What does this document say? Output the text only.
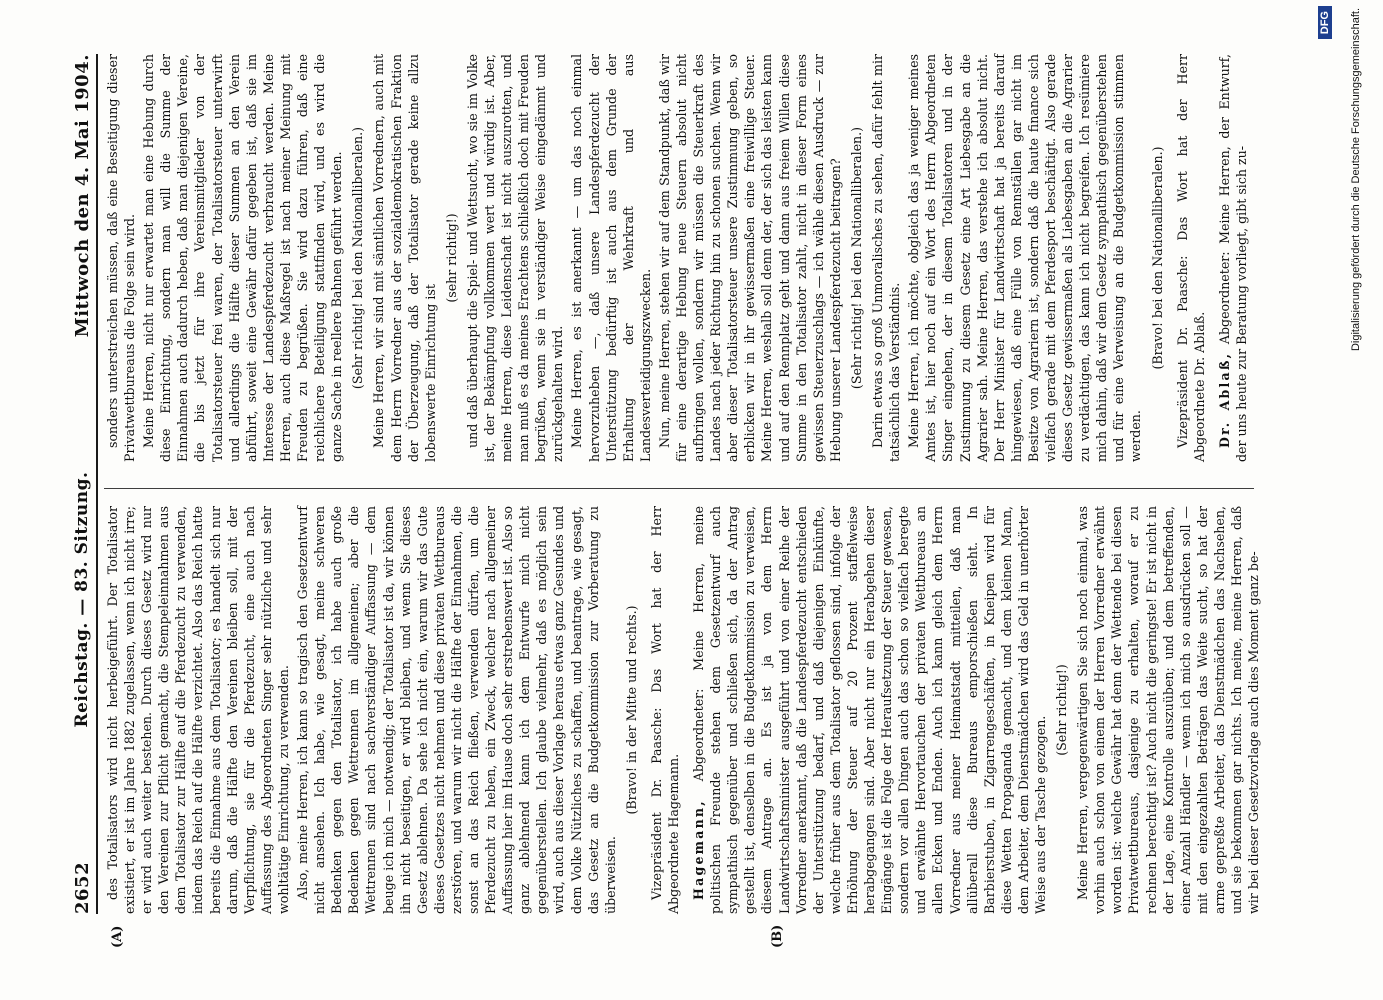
2652
Reichstag. — 83. Sitzung.
Mittwoch den 4. Mai 1904.

des Totalisators wird nicht herbeigeführt. Der Totalisator existiert, er ist im Jahre 1882 zugelassen, wenn ich nicht irre; er wird auch weiter bestehen. Durch dieses Gesetz wird nur den Vereinen zur Pflicht gemacht, die Stempeleinnahmen aus dem Totalisator zur Hälfte auf die Pferdezucht zu verwenden, indem das Reich auf die Hälfte verzichtet. Also das Reich hatte bereits die Einnahme aus dem Totalisator; es handelt sich nur darum, daß die Hälfte den Vereinen bleiben soll, mit der Verpflichtung, sie für die Pferdezucht, eine auch nach Auffassung des Abgeordneten Singer sehr nützliche und sehr wohltätige Einrichtung, zu verwenden. Also, meine Herren, ich kann so tragisch den Gesetzentwurf nicht ansehen. Ich habe, wie gesagt, meine schweren Bedenken gegen den Totalisator, ich habe auch große Bedenken gegen Wettrennen im allgemeinen; aber die Wettrennen sind nach sachverständiger Auffassung — dem beuge ich mich — notwendig; der Totalisator ist da, wir können ihn nicht beseitigen, er wird bleiben, und wenn Sie dieses Gesetz ablehnen. Da sehe ich nicht ein, warum wir das Gute dieses Gesetzes nicht nehmen und diese privaten Wettbureaus zerstören, und warum wir nicht die Hälfte der Einnahmen, die sonst an das Reich fließen, verwenden dürfen, um die Pferdezucht zu heben, ein Zweck, welcher nach allgemeiner Auffassung hier im Hause doch sehr erstrebenswert ist. Also so ganz ablehnend kann ich dem Entwurfe mich nicht gegenüberstellen. Ich glaube vielmehr, daß es möglich sein wird, auch aus dieser Vorlage heraus etwas ganz Gesundes und dem Volke Nützliches zu schaffen, und beantrage, wie gesagt, das Gesetz an die Budgetkommission zur Vorberatung zu überweisen.

(Bravo! in der Mitte und rechts.) Vizepräsident Dr. Paasche: Das Wort hat der Herr Abgeordnete Hagemann. Hagemann, Abgeordneter: Meine Herren, meine politischen Freunde stehen dem Gesetzentwurf auch sympathisch gegenüber und schließen sich, da der Antrag gestellt ist, denselben in die Budgetkommission zu verweisen, diesem Antrage an. Es ist ja von dem Herrn Landwirtschaftsminister ausgeführt und von einer Reihe der Vorredner anerkannt, daß die Landespferdezucht entschieden der Unterstützung bedarf, und daß diejenigen Einkünfte, welche früher aus dem Totalisator geflossen sind, infolge der Erhöhung der Steuer auf 20 Prozent staffelweise herabgegangen sind. Aber nicht nur ein Herabgehen dieser Eingänge ist die Folge der Heraufsetzung der Steuer gewesen, sondern vor allen Dingen auch das schon so vielfach beregte und erwähnte Hervortauchen der privaten Wettbureaus an allen Ecken und Enden. Auch ich kann gleich dem Herrn Vorredner aus meiner Heimatstadt mitteilen, daß man allüberall diese Bureaus emporschießen sieht. In Barbierstuben, in Zigarrengeschäften, in Kneipen wird für diese Wetten Propaganda gemacht, und dem kleinen Mann, dem Arbeiter, dem Dienstmädchen wird das Geld in unerhörter Weise aus der Tasche gezogen.

(Sehr richtig!) Meine Herren, vergegenwärtigen Sie sich noch einmal, was vorhin auch schon von einem der Herren Vorredner erwähnt worden ist: welche Gewähr hat denn der Wettende bei diesen Privatwettbureaus, dasjenige zu erhalten, worauf er zu rechnen berechtigt ist? Auch nicht die geringste! Er ist nicht in der Lage, eine Kontrolle auszuüben; und dem betreffenden, einer Anzahl Händler — wenn ich mich so ausdrücken soll — mit den eingezahlten Beträgen das Weite sucht, so hat der arme gepreßte Arbeiter, das Dienstmädchen das Nachsehen, und sie bekommen gar nichts. Ich meine, meine Herren, daß wir bei dieser Gesetzvorlage auch dies Moment ganz be-

sonders unterstreichen müssen, daß eine Beseitigung dieser Privatwettbureaus die Folge sein wird. Meine Herren, nicht nur erwartet man eine Hebung durch diese Einrichtung, sondern man will die Summe der Einnahmen auch dadurch heben, daß man diejenigen Vereine, die bis jetzt für ihre Vereinsmitglieder von der Totalisatorsteuer frei waren, der Totalisatorsteuer unterwirft und allerdings die Hälfte dieser Summen an den Verein abführt, soweit eine Gewähr dafür gegeben ist, daß sie im Interesse der Landespferdezucht verbraucht werden. Meine Herren, auch diese Maßregel ist nach meiner Meinung mit Freuden zu begrüßen. Sie wird dazu führen, daß eine reichlichere Beteiligung stattfinden wird, und es wird die ganze Sache in reellere Bahnen geführt werden. (Sehr richtig! bei den Nationalliberalen.) Meine Herren, wir sind mit sämtlichen Vorrednern, auch mit dem Herrn Vorredner aus der sozialdemokratischen Fraktion der Überzeugung, daß der Totalisator gerade keine allzu lobenswerte Einrichtung ist

(sehr richtig!) und daß überhaupt die Spiel- und Wettsucht, wo sie im Volke ist, der Bekämpfung vollkommen wert und würdig ist. Aber, meine Herren, diese Leidenschaft ist nicht auszurotten, und man muß es da meines Erachtens schließlich doch mit Freuden begrüßen, wenn sie in verständiger Weise eingedämmt und zurückgehalten wird. Meine Herren, es ist anerkannt — um das noch einmal hervorzuheben —, daß unsere Landespferdezucht der Unterstützung bedürftig ist auch aus dem Grunde der Erhaltung der Wehrkraft und aus Landesverteidigungszwecken. Nun, meine Herren, stehen wir auf dem Standpunkt, daß wir für eine derartige Hebung neue Steuern absolut nicht aufbringen wollen, sondern wir müssen die Steuerkraft des Landes nach jeder Richtung hin zu schonen suchen. Wenn wir aber dieser Totalisatorsteuer unsere Zustimmung geben, so erblicken wir in ihr gewissermaßen eine freiwillige Steuer. Meine Herren, weshalb soll denn der, der sich das leisten kann und auf den Rennplatz geht und dann aus freiem Willen diese Summe in den Totalisator zahlt, nicht in dieser Form eines gewissen Steuerzuschlags — ich wähle diesen Ausdruck — zur Hebung unserer Landespferdezucht beitragen? (Sehr richtig! bei den Nationalliberalen.) Darin etwas so groß Unmoralisches zu sehen, dafür fehlt mir tatsächlich das Verständnis. Meine Herren, ich möchte, obgleich das ja weniger meines Amtes ist, hier noch auf ein Wort des Herrn Abgeordneten Singer eingehen, der in diesem Totalisatoren und in der Zustimmung zu diesem Gesetz eine Art Liebesgabe an die Agrarier sah. Meine Herren, das verstehe ich absolut nicht. Der Herr Minister für Landwirtschaft hat ja bereits darauf hingewiesen, daß eine Fülle von Rennställen gar nicht im Besitze von Agrariern ist, sondern daß die haute finance sich vielfach gerade mit dem Pferdesport beschäftigt. Also gerade dieses Gesetz gewissermaßen als Liebesgaben an die Agrarier zu verdächtigen, das kann ich nicht begreifen. Ich resümiere mich dahin, daß wir dem Gesetz sympathisch gegenüberstehen und für eine Verweisung an die Budgetkommission stimmen werden.

(Bravo! bei den Nationalliberalen.) Vizepräsident Dr. Paasche: Das Wort hat der Herr Abgeordnete Dr. Ablaß. Dr. Ablaß, Abgeordneter: Meine Herren, der Entwurf, der uns heute zur Beratung vorliegt, gibt sich zu-

(A)	(B)
DFG Digitalisierung gefördert durch die Deutsche Forschungsgemeinschaft.
